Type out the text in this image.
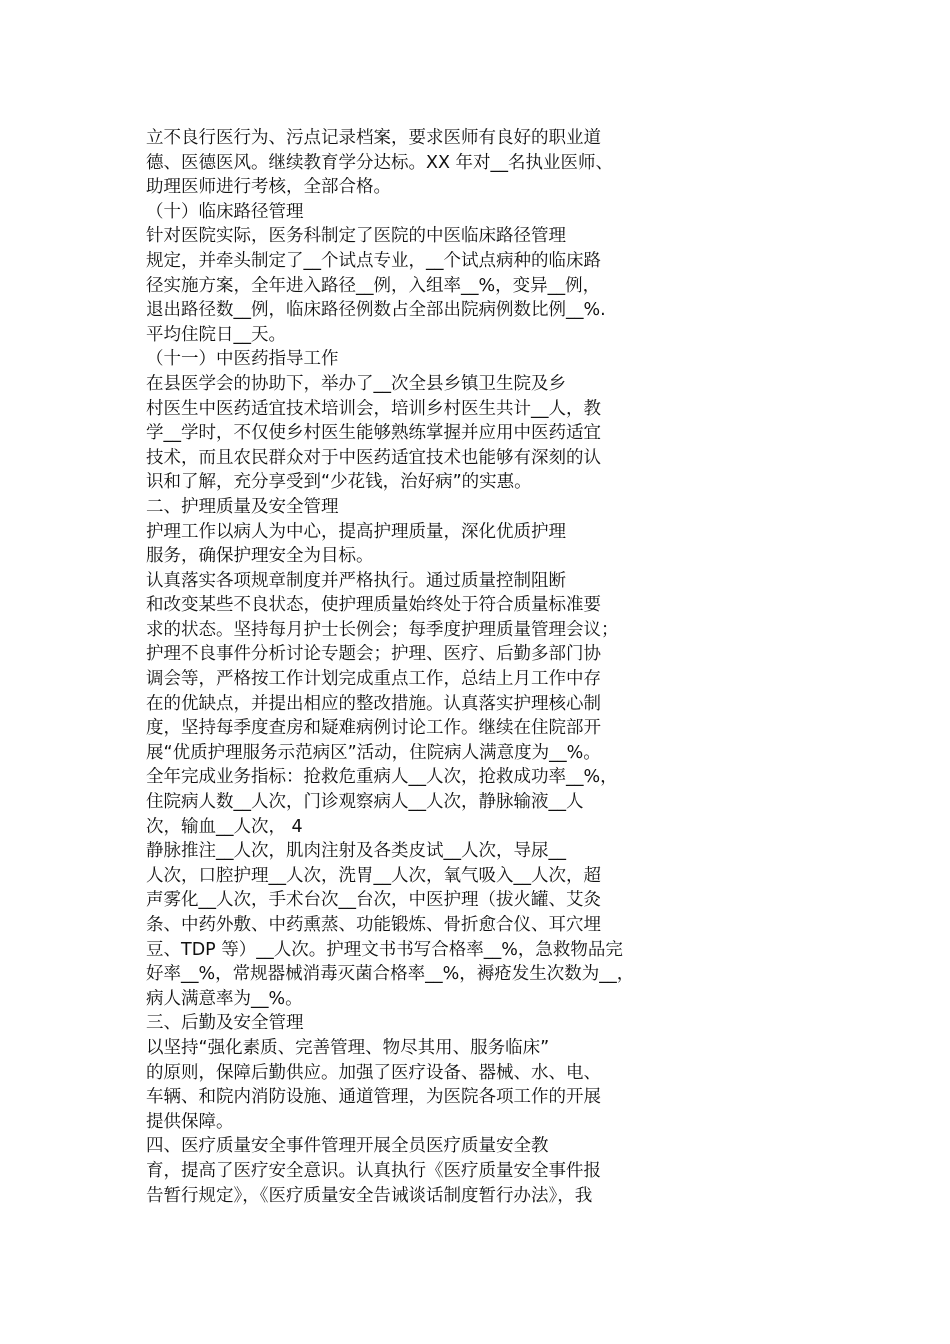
立不良行医行为、污点记录档案，要求医师有良好的职业道
德、医德医风。继续教育学分达标。XX 年对__名执业医师、
助理医师进行考核，全部合格。
（十）临床路径管理
针对医院实际，医务科制定了医院的中医临床路径管理
规定，并牵头制定了__个试点专业，__个试点病种的临床路
径实施方案，全年进入路径__例，入组率__%，变异__例，
退出路径数__例，临床路径例数占全部出院病例数比例__%.
平均住院日__天。
（十一）中医药指导工作
在县医学会的协助下，举办了__次全县乡镇卫生院及乡
村医生中医药适宜技术培训会，培训乡村医生共计__人，教
学__学时，不仅使乡村医生能够熟练掌握并应用中医药适宜
技术，而且农民群众对于中医药适宜技术也能够有深刻的认
识和了解，充分享受到“少花钱，治好病”的实惠。
二、护理质量及安全管理
护理工作以病人为中心，提高护理质量，深化优质护理
服务，确保护理安全为目标。
认真落实各项规章制度并严格执行。通过质量控制阻断
和改变某些不良状态，使护理质量始终处于符合质量标准要
求的状态。坚持每月护士长例会；每季度护理质量管理会议；
护理不良事件分析讨论专题会；护理、医疗、后勤多部门协
调会等，严格按工作计划完成重点工作，总结上月工作中存
在的优缺点，并提出相应的整改措施。认真落实护理核心制
度，坚持每季度查房和疑难病例讨论工作。继续在住院部开
展“优质护理服务示范病区”活动，住院病人满意度为__%。
全年完成业务指标：抢救危重病人__人次，抢救成功率__%，
住院病人数__人次，门诊观察病人__人次，静脉输液__人
次，输血__人次， 4
静脉推注__人次，肌肉注射及各类皮试__人次，导尿__
人次，口腔护理__人次，洗胃__人次，氧气吸入__人次，超
声雾化__人次，手术台次__台次，中医护理（拔火罐、艾灸
条、中药外敷、中药熏蒸、功能锻炼、骨折愈合仪、耳穴埋
豆、TDP 等）__人次。护理文书书写合格率__%，急救物品完
好率__%，常规器械消毒灭菌合格率__%，褥疮发生次数为__，
病人满意率为__%。
三、后勤及安全管理
以坚持“强化素质、完善管理、物尽其用、服务临床”
的原则，保障后勤供应。加强了医疗设备、器械、水、电、
车辆、和院内消防设施、通道管理，为医院各项工作的开展
提供保障。
四、医疗质量安全事件管理开展全员医疗质量安全教
育，提高了医疗安全意识。认真执行《医疗质量安全事件报
告暂行规定》，《医疗质量安全告诫谈话制度暂行办法》，我
